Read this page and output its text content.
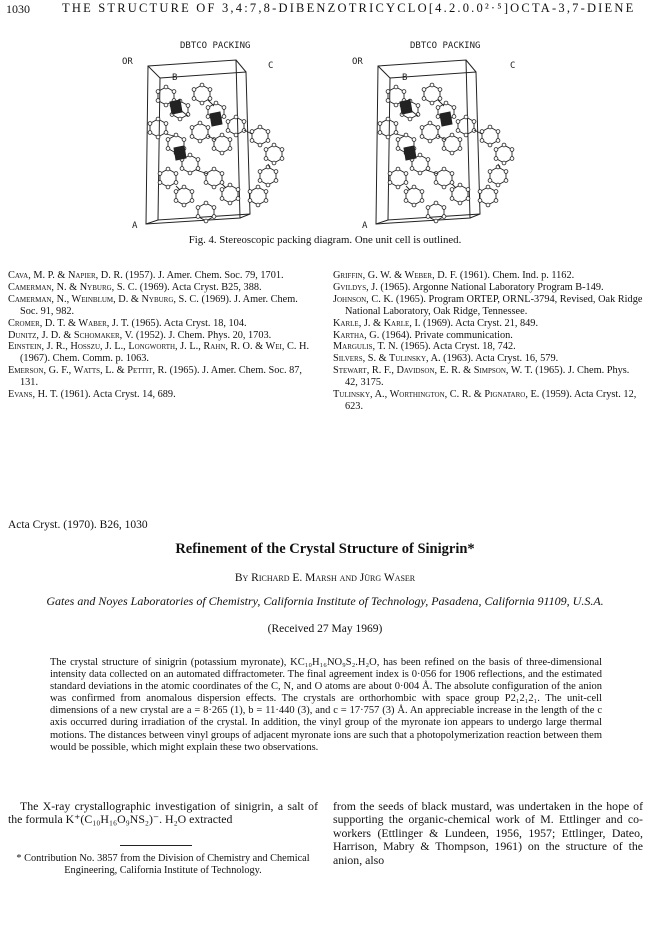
1030	THE STRUCTURE OF 3,4:7,8-DIBENZOTRICYCLO[4.2.0.0²·⁵]OCTA-3,7-DIENE
DBTCO PACKING
OR
B
C
A
DBTCO PACKING
OR
B
C
A
Fig. 4. Stereoscopic packing diagram. One unit cell is outlined.

Cava, M. P. & Napier, D. R. (1957). J. Amer. Chem. Soc. 79, 1701.

Camerman, N. & Nyburg, S. C. (1969). Acta Cryst. B25, 388.

Camerman, N., Weinblum, D. & Nyburg, S. C. (1969). J. Amer. Chem. Soc. 91, 982.

Cromer, D. T. & Waber, J. T. (1965). Acta Cryst. 18, 104.

Dunitz, J. D. & Schomaker, V. (1952). J. Chem. Phys. 20, 1703.

Einstein, J. R., Hosszu, J. L., Longworth, J. L., Rahn, R. O. & Wei, C. H. (1967). Chem. Comm. p. 1063.

Emerson, G. F., Watts, L. & Pettit, R. (1965). J. Amer. Chem. Soc. 87, 131.

Evans, H. T. (1961). Acta Cryst. 14, 689.

Griffin, G. W. & Weber, D. F. (1961). Chem. Ind. p. 1162.

Gvildys, J. (1965). Argonne National Laboratory Program B-149.

Johnson, C. K. (1965). Program ORTEP, ORNL-3794, Revised, Oak Ridge National Laboratory, Oak Ridge, Tennessee.

Karle, J. & Karle, I. (1969). Acta Cryst. 21, 849.

Kartha, G. (1964). Private communication.

Margulis, T. N. (1965). Acta Cryst. 18, 742.

Silvers, S. & Tulinsky, A. (1963). Acta Cryst. 16, 579.

Stewart, R. F., Davidson, E. R. & Simpson, W. T. (1965). J. Chem. Phys. 42, 3175.

Tulinsky, A., Worthington, C. R. & Pignataro, E. (1959). Acta Cryst. 12, 623.

Acta Cryst. (1970). B26, 1030
Refinement of the Crystal Structure of Sinigrin*
By Richard E. Marsh and Jürg Waser
Gates and Noyes Laboratories of Chemistry, California Institute of Technology, Pasadena, California 91109, U.S.A.
(Received 27 May 1969)
The crystal structure of sinigrin (potassium myronate), KC₁₀H₁₆NO₉S₂.H₂O, has been refined on the basis of three-dimensional intensity data collected on an automated diffractometer. The final agreement index is 0·056 for 1906 reflections, and the estimated standard deviations in the atomic coordinates of the C, N, and O atoms are about 0·004 Å. The absolute configuration of the anion was confirmed from anomalous dispersion effects. The crystals are orthorhombic with space group P2₁2₁2₁. The unit-cell dimensions of a new crystal are a = 8·265 (1), b = 11·440 (3), and c = 17·757 (3) Å. An appreciable increase in the length of the c axis occurred during irradiation of the crystal. In addition, the vinyl group of the myronate ion appears to undergo large thermal motions. The distances between vinyl groups of adjacent myronate ions are such that a photopolymerization reaction between them would be possible, which might explain these two observations.

The X-ray crystallographic investigation of sinigrin, a salt of the formula K⁺(C₁₀H₁₆O₉NS₂)⁻. H₂O extracted

* Contribution No. 3857 from the Division of Chemistry and Chemical Engineering, California Institute of Technology.

from the seeds of black mustard, was undertaken in the hope of supporting the organic-chemical work of M. Ettlinger and co-workers (Ettlinger & Lundeen, 1956, 1957; Ettlinger, Dateo, Harrison, Mabry & Thompson, 1961) on the structure of the anion, also
